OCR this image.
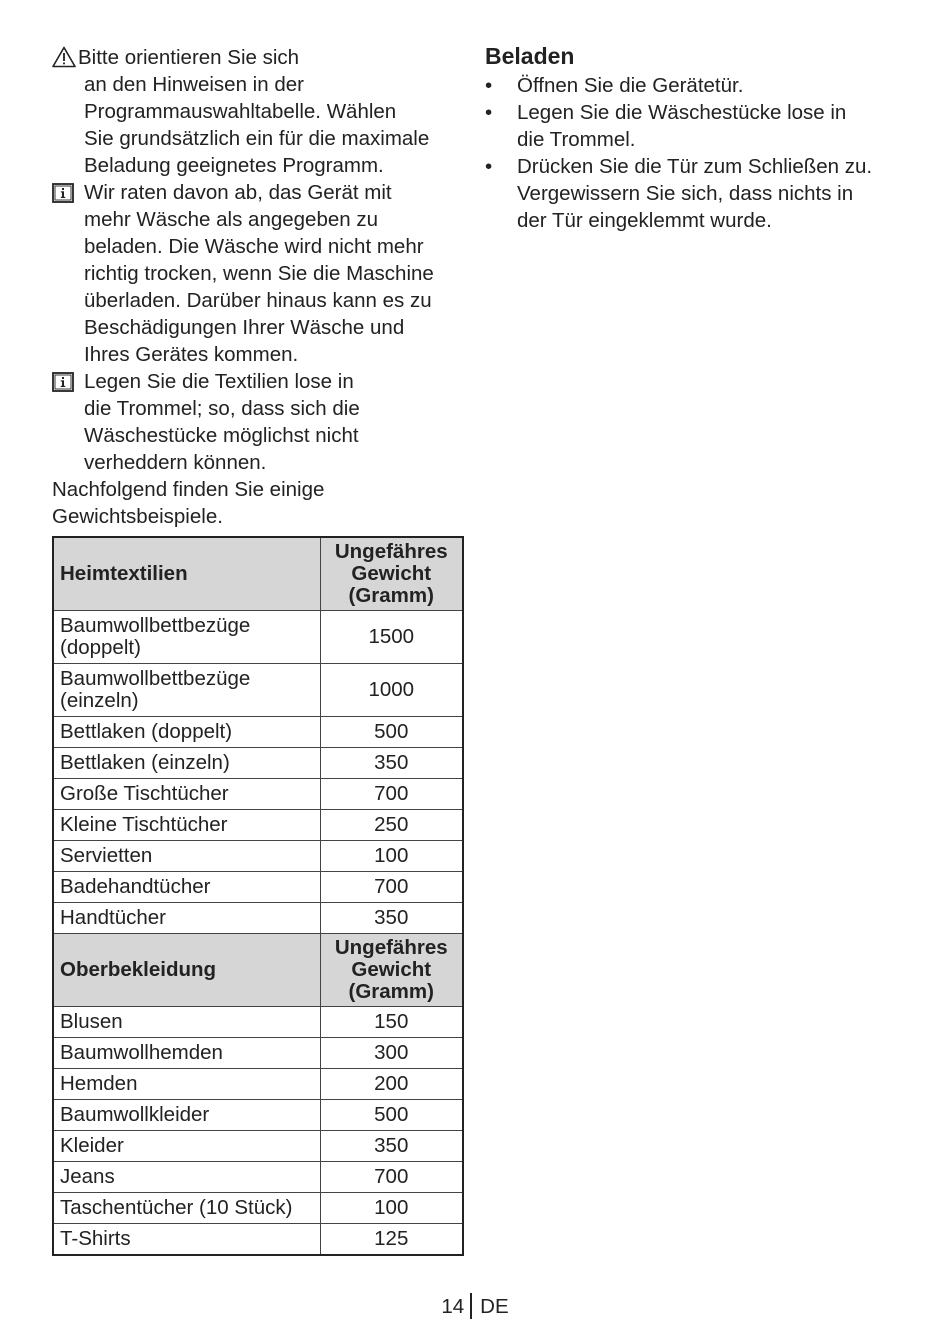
Bitte orientieren Sie sich
an den Hinweisen in der
Programmauswahltabelle. Wählen
Sie grundsätzlich ein für die maximale
Beladung geeignetes Programm.
Wir raten davon ab, das Gerät mit
mehr Wäsche als angegeben zu
beladen. Die Wäsche wird nicht mehr
richtig trocken, wenn Sie die Maschine
überladen. Darüber hinaus kann es zu
Beschädigungen Ihrer Wäsche und
Ihres Gerätes kommen.
Legen Sie die Textilien lose in
die Trommel; so, dass sich die
Wäschestücke möglichst nicht
verheddern können.
Nachfolgend finden Sie einige
Gewichtsbeispiele.
Heimtextilien	Ungefähres
Gewicht
(Gramm)
Baumwollbettbezüge
(doppelt)	1500
Baumwollbettbezüge
(einzeln)	1000
Bettlaken (doppelt)	500
Bettlaken (einzeln)	350
Große Tischtücher	700
Kleine Tischtücher	250
Servietten	100
Badehandtücher	700
Handtücher	350
Oberbekleidung	Ungefähres
Gewicht
(Gramm)
Blusen	150
Baumwollhemden	300
Hemden	200
Baumwollkleider	500
Kleider	350
Jeans	700
Taschentücher (10 Stück)	100
T-Shirts	125
Beladen
• Öffnen Sie die Gerätetür.
• Legen Sie die Wäschestücke lose in
die Trommel.
• Drücken Sie die Tür zum Schließen zu.
Vergewissern Sie sich, dass nichts in
der Tür eingeklemmt wurde.
14 DE
